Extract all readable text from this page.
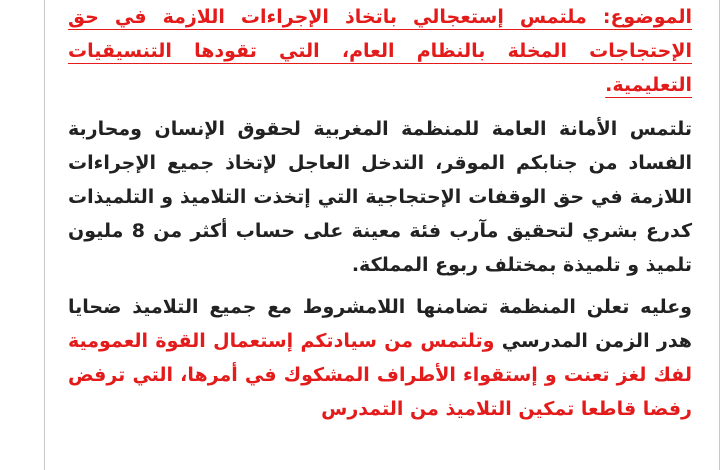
الموضوع: ملتمس إستعجالي باتخاذ الإجراءات اللازمة في حق الإحتجاجات المخلة بالنظام العام، التي تقودها التنسيقيات التعليمية.

تلتمس الأمانة العامة للمنظمة المغربية لحقوق الإنسان ومحاربة الفساد من جنابكم الموقر، التدخل العاجل لإتخاذ جميع الإجراءات اللازمة في حق الوقفات الإحتجاجية التي إتخذت التلاميذ و التلميذات كدرع بشري لتحقيق مآرب فئة معينة على حساب أكثر من 8 مليون تلميذ و تلميذة بمختلف ربوع المملكة.

وعليه تعلن المنظمة تضامنها اللامشروط مع جميع التلاميذ ضحايا هدر الزمن المدرسي وتلتمس من سيادتكم إستعمال القوة العمومية لفك لغز تعنت و إستقواء الأطراف المشكوك في أمرها، التي ترفض رفضا قاطعا تمكين التلاميذ من التمدرس
